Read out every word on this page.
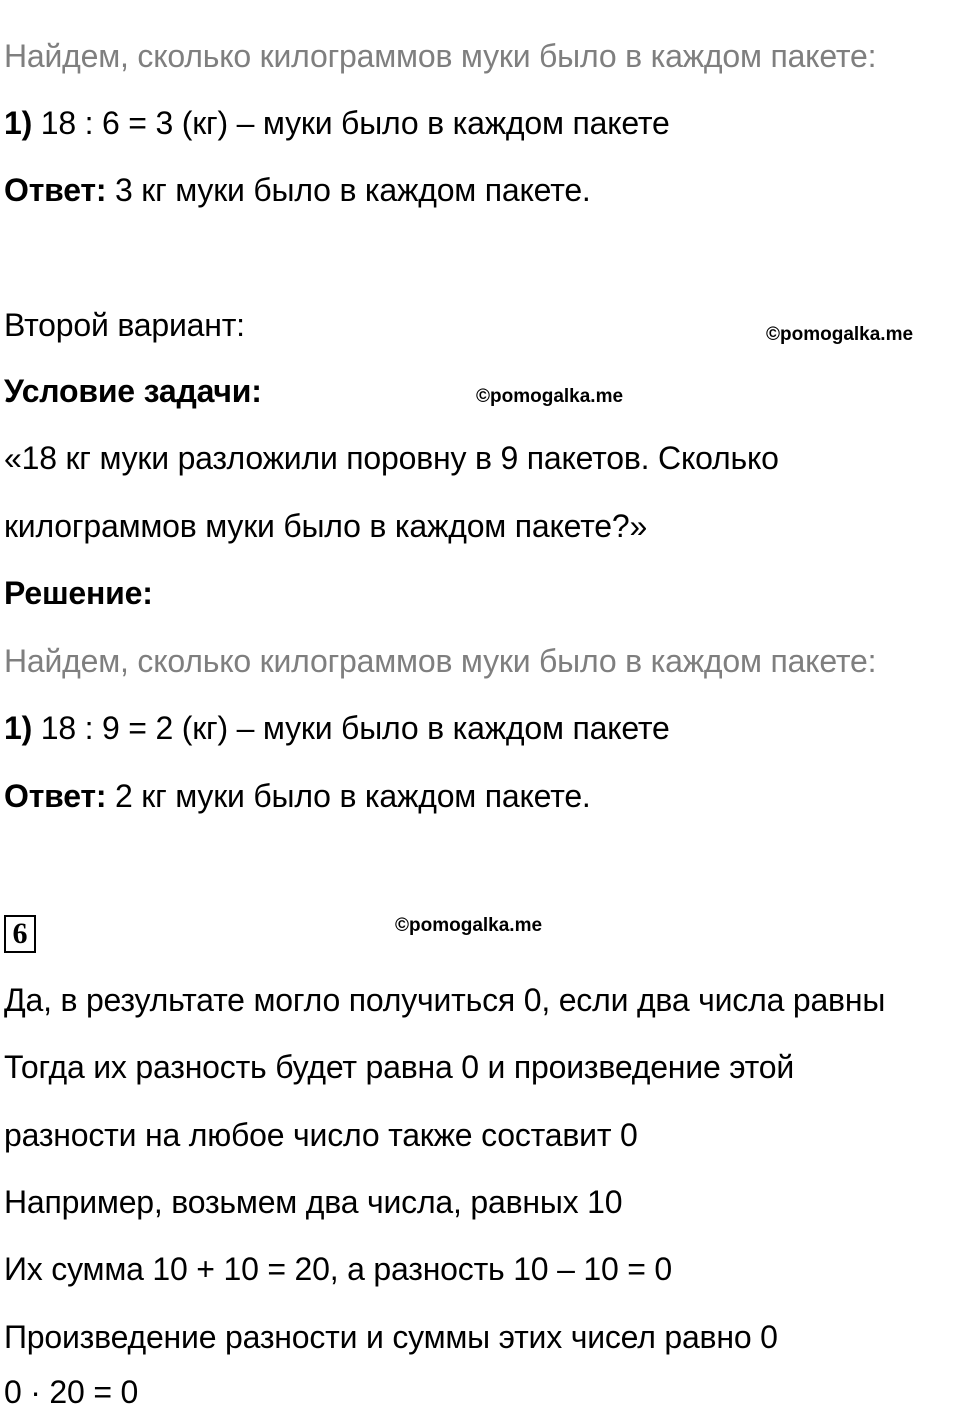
Найдем, сколько килограммов муки было в каждом пакете:
1) 18 : 6 = 3 (кг) – муки было в каждом пакете
Ответ: 3 кг муки было в каждом пакете.
Второй вариант:	©pomogalka.me
Условие задачи:	©pomogalka.me
«18 кг муки разложили поровну в 9 пакетов. Сколько
килограммов муки было в каждом пакете?»
Решение:
Найдем, сколько килограммов муки было в каждом пакете:
1) 18 : 9 = 2 (кг) – муки было в каждом пакете
Ответ: 2 кг муки было в каждом пакете.
6	©pomogalka.me
Да, в результате могло получиться 0, если два числа равны
Тогда их разность будет равна 0 и произведение этой
разности на любое число также составит 0
Например, возьмем два числа, равных 10
Их сумма 10 + 10 = 20, а разность 10 – 10 = 0
Произведение разности и суммы этих чисел равно 0
0 · 20 = 0
